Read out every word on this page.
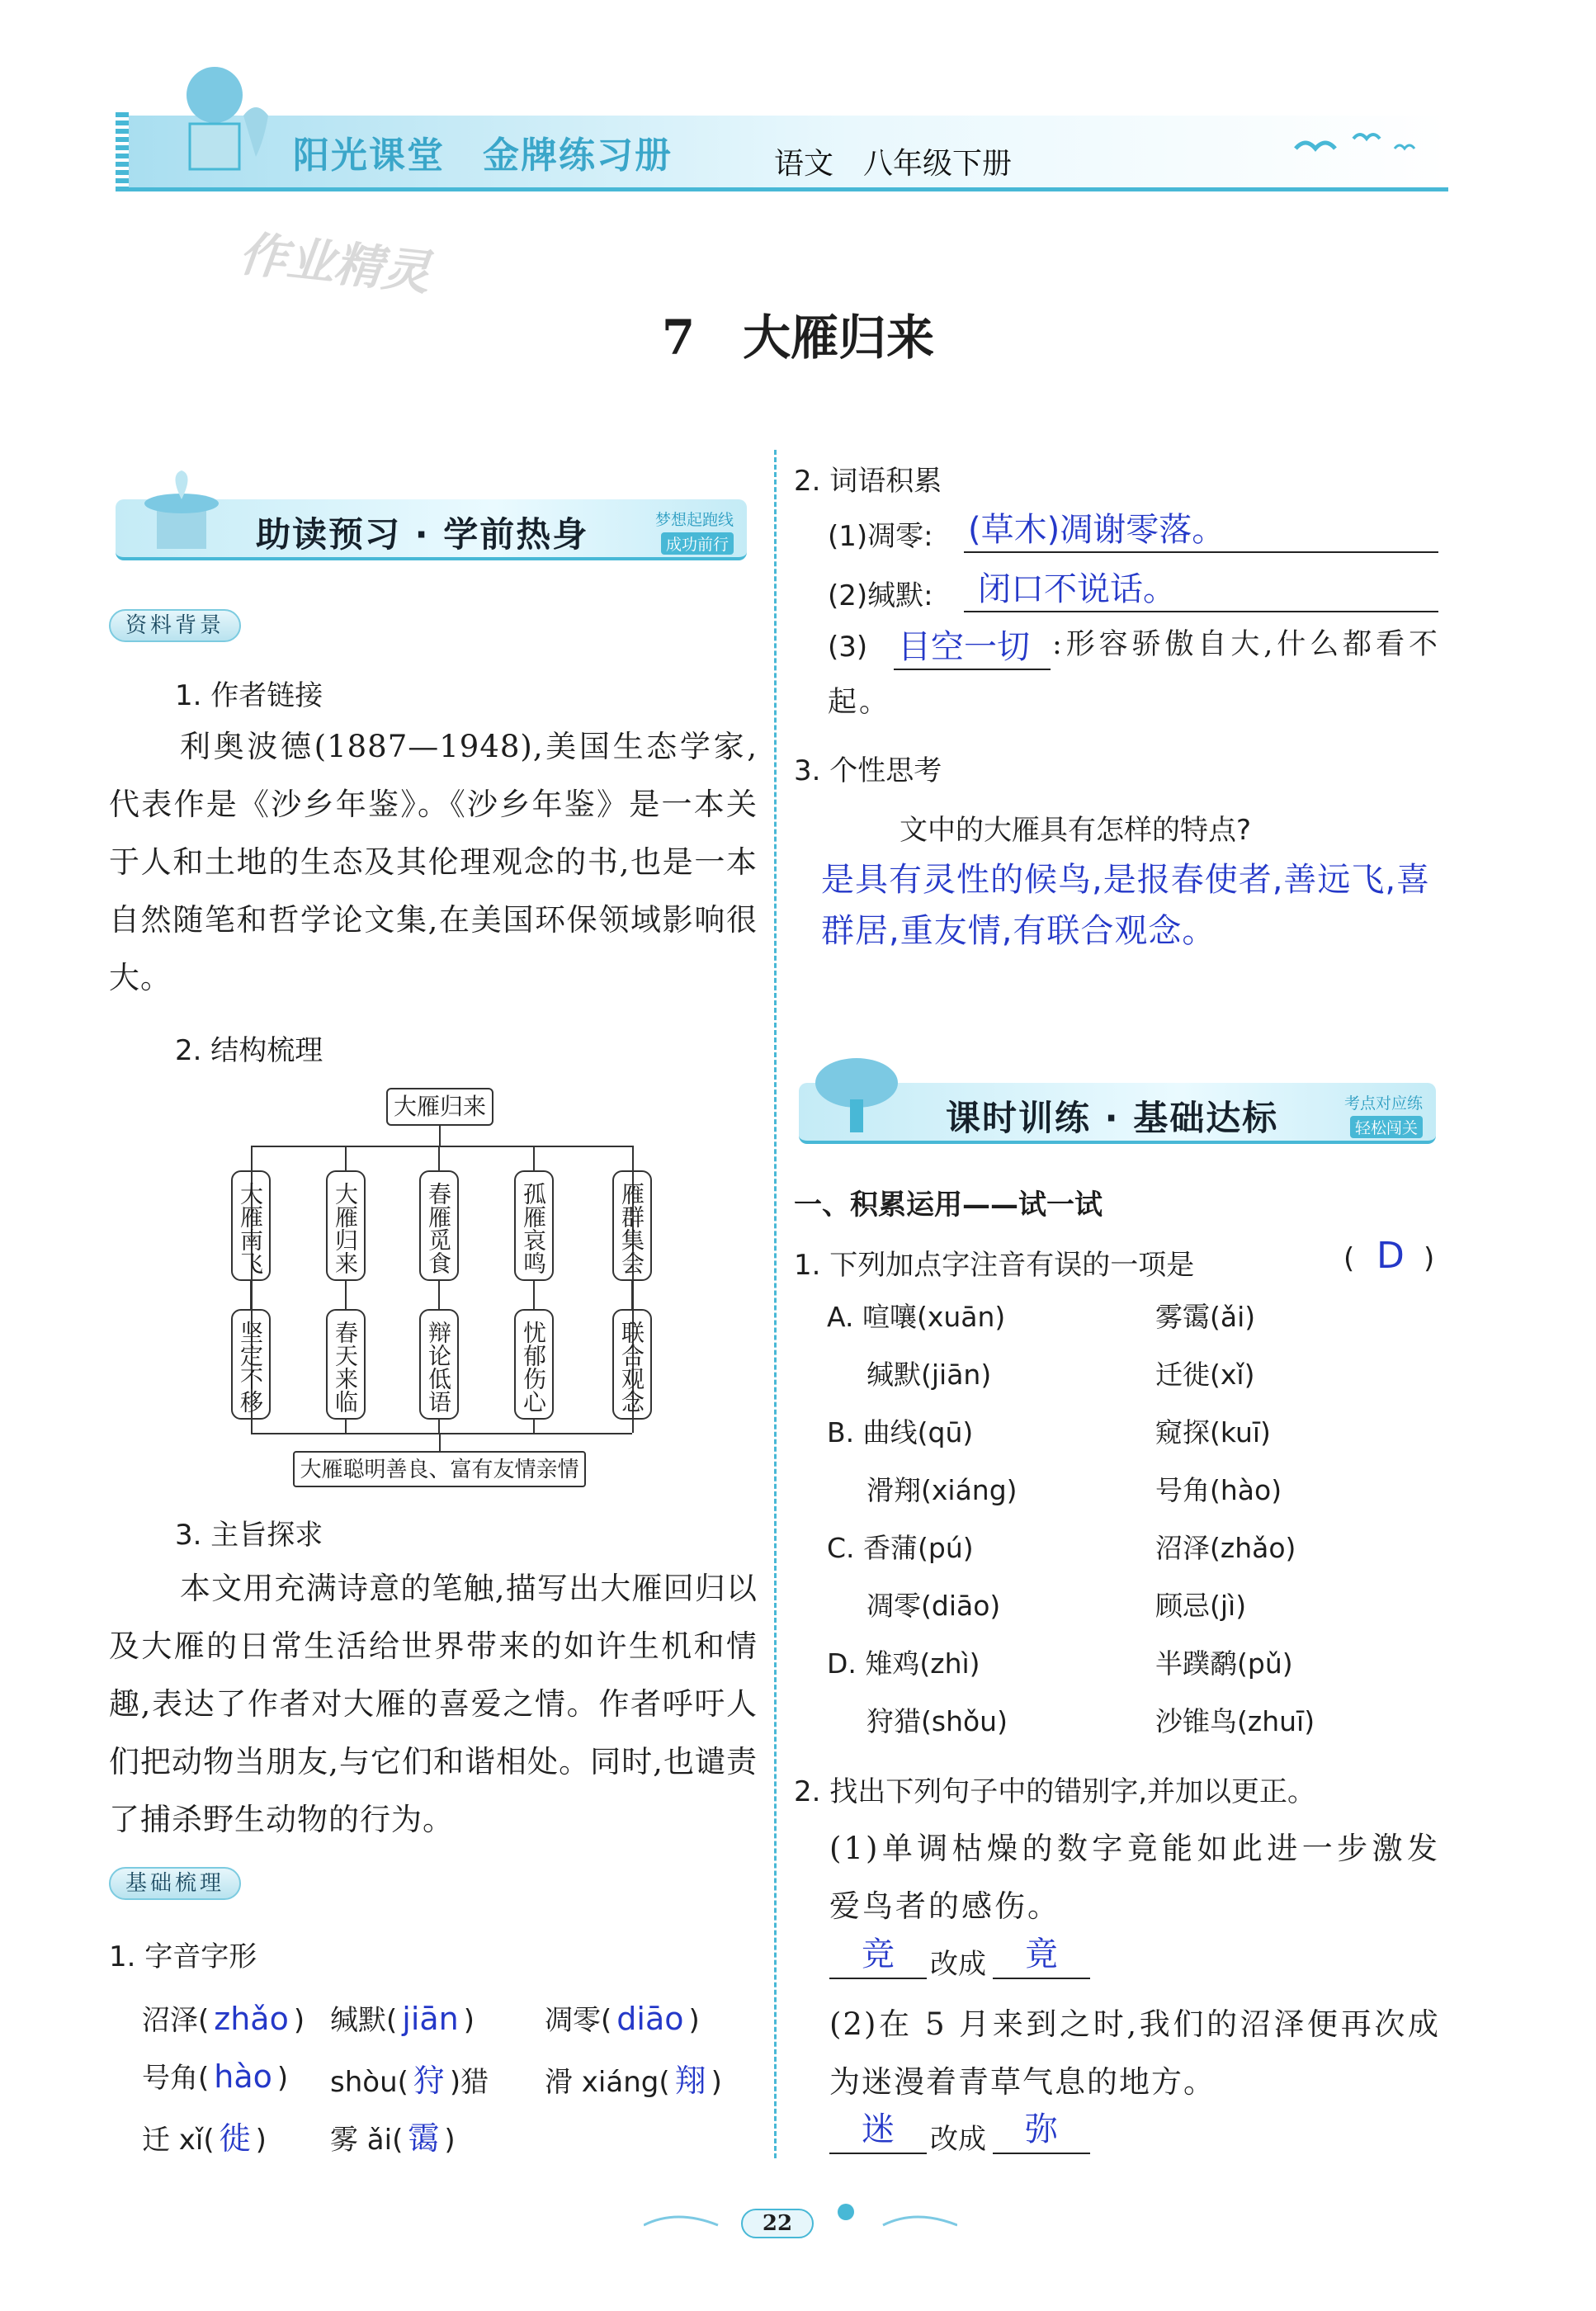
阳光课堂　金牌练习册	语文　八年级下册
作业精灵
7　大雁归来
助读预习 · 学前热身	梦想起跑线
成功前行
资料背景
1. 作者链接
利奥波德(1887—1948),美国生态学家,代表作是《沙乡年鉴》。《沙乡年鉴》是一本关于人和土地的生态及其伦理观念的书,也是一本自然随笔和哲学论文集,在美国环保领域影响很大。
2. 结构梳理
大雁归来
大雁聪明善良、富有友情亲情
大雁南飞
坚定不移
大雁归来
春天来临
春雁觅食
辩论低语
孤雁哀鸣
忧郁伤心
雁群集会
联合观念
3. 主旨探求
本文用充满诗意的笔触,描写出大雁回归以及大雁的日常生活给世界带来的如许生机和情趣,表达了作者对大雁的喜爱之情。作者呼吁人们把动物当朋友,与它们和谐相处。同时,也谴责了捕杀野生动物的行为。
基础梳理
1. 字音字形
沼泽( zhǎo ) 缄默( jiān ) 凋零( diāo )
号角( hào ) shòu( 狩 )猎 滑 xiáng( 翔 )
迁 xǐ( 徙 ) 雾 ǎi( 霭 )
2. 词语积累
(1)凋零: (草木)凋谢零落。
(2)缄默: 闭口不说话。
(3) 目空一切 :形容骄傲自大,什么都看不起。
3. 个性思考
文中的大雁具有怎样的特点?
是具有灵性的候鸟,是报春使者,善远飞,喜群居,重友情,有联合观念。
课时训练 · 基础达标	考点对应练
轻松闯关
一、积累运用——试一试
1. 下列加点字注音有误的一项是	( D )
A. 喧嚷(xuān)	雾霭(ǎi)
缄默(jiān)	迁徙(xǐ)
B. 曲线(qū)	窥探(kuī)
滑翔(xiáng)	号角(hào)
C. 香蒲(pú)	沼泽(zhǎo)
凋零(diāo)	顾忌(jì)
D. 雉鸡(zhì)	半蹼鹬(pǔ)
狩猎(shǒu)	沙锥鸟(zhuī)
2. 找出下列句子中的错别字,并加以更正。
(1)单调枯燥的数字竟能如此进一步激发爱鸟者的感伤。
竞	改成	竟
(2)在 5 月来到之时,我们的沼泽便再次成为迷漫着青草气息的地方。
迷	改成	弥
22
